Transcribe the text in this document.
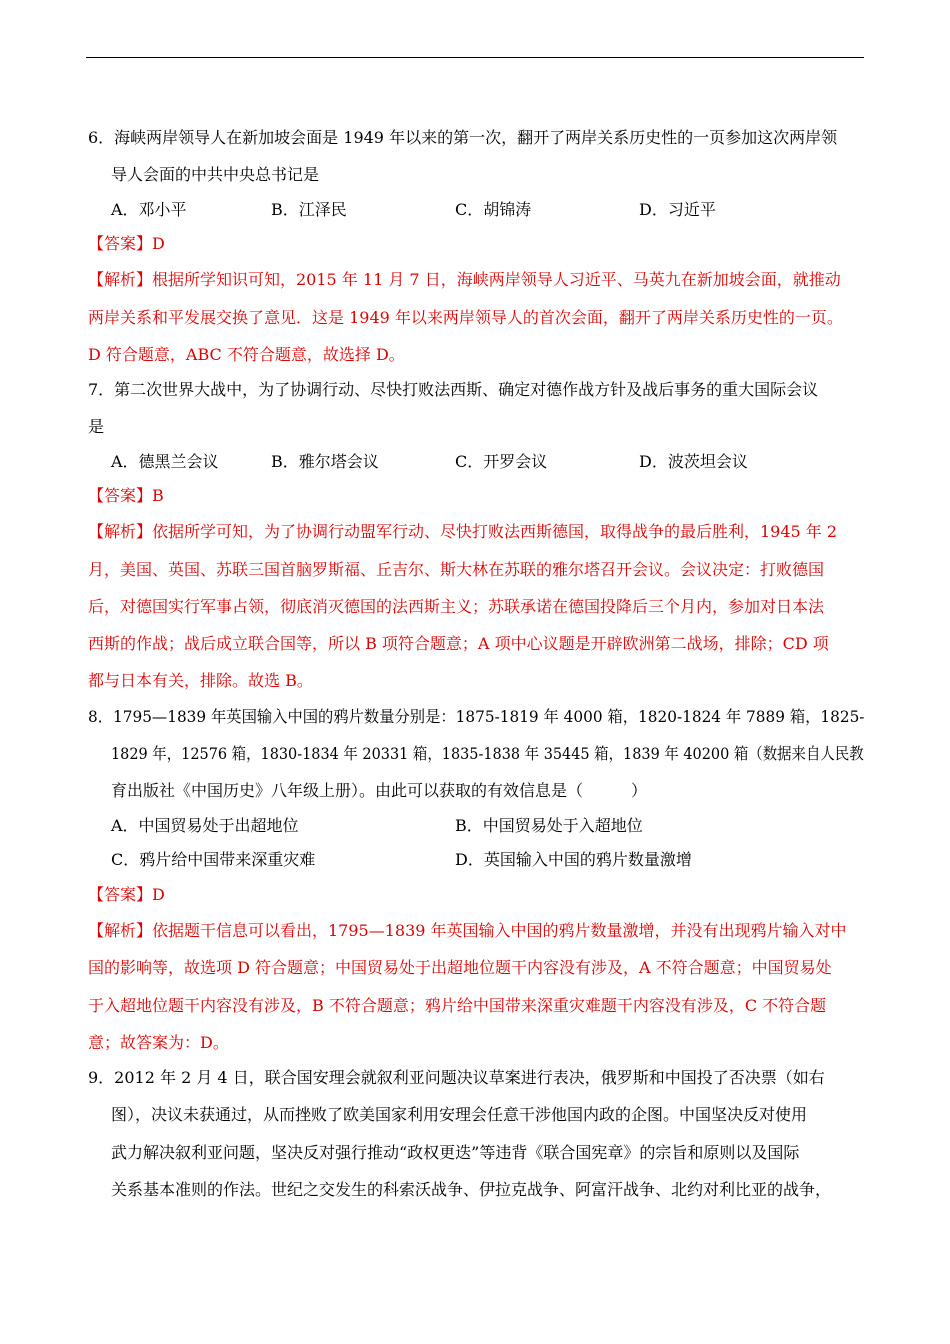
6．海峡两岸领导人在新加坡会面是 1949 年以来的第一次，翻开了两岸关系历史性的一页参加这次两岸领
导人会面的中共中央总书记是
A．邓小平	B．江泽民	C．胡锦涛	D．习近平
【答案】D
【解析】根据所学知识可知，2015 年 11 月 7 日，海峡两岸领导人习近平、马英九在新加坡会面，就推动
两岸关系和平发展交换了意见．这是 1949 年以来两岸领导人的首次会面，翻开了两岸关系历史性的一页。
D 符合题意，ABC 不符合题意，故选择 D。
7．第二次世界大战中，为了协调行动、尽快打败法西斯、确定对德作战方针及战后事务的重大国际会议
是
A．德黑兰会议	B．雅尔塔会议	C．开罗会议	D．波茨坦会议
【答案】B
【解析】依据所学可知，为了协调行动盟军行动、尽快打败法西斯德国，取得战争的最后胜利，1945 年 2
月，美国、英国、苏联三国首脑罗斯福、丘吉尔、斯大林在苏联的雅尔塔召开会议。会议决定：打败德国
后，对德国实行军事占领，彻底消灭德国的法西斯主义；苏联承诺在德国投降后三个月内，参加对日本法
西斯的作战；战后成立联合国等，所以 B 项符合题意；A 项中心议题是开辟欧洲第二战场，排除；CD 项
都与日本有关，排除。故选 B。
8．1795—1839 年英国输入中国的鸦片数量分别是：1875-1819 年 4000 箱，1820-1824 年 7889 箱，1825-
1829 年，12576 箱，1830-1834 年 20331 箱，1835-1838 年 35445 箱，1839 年 40200 箱（数据来自人民教
育出版社《中国历史》八年级上册）。由此可以获取的有效信息是（　　　）
A．中国贸易处于出超地位	B．中国贸易处于入超地位
C．鸦片给中国带来深重灾难	D．英国输入中国的鸦片数量激增
【答案】D
【解析】依据题干信息可以看出，1795—1839 年英国输入中国的鸦片数量激增，并没有出现鸦片输入对中
国的影响等，故选项 D 符合题意；中国贸易处于出超地位题干内容没有涉及，A 不符合题意；中国贸易处
于入超地位题干内容没有涉及，B 不符合题意；鸦片给中国带来深重灾难题干内容没有涉及，C 不符合题
意；故答案为：D。
9．2012 年 2 月 4 日，联合国安理会就叙利亚问题决议草案进行表决，俄罗斯和中国投了否决票（如右
图），决议未获通过，从而挫败了欧美国家利用安理会任意干涉他国内政的企图。中国坚决反对使用
武力解决叙利亚问题，坚决反对强行推动“政权更迭”等违背《联合国宪章》的宗旨和原则以及国际
关系基本准则的作法。世纪之交发生的科索沃战争、伊拉克战争、阿富汗战争、北约对利比亚的战争，
